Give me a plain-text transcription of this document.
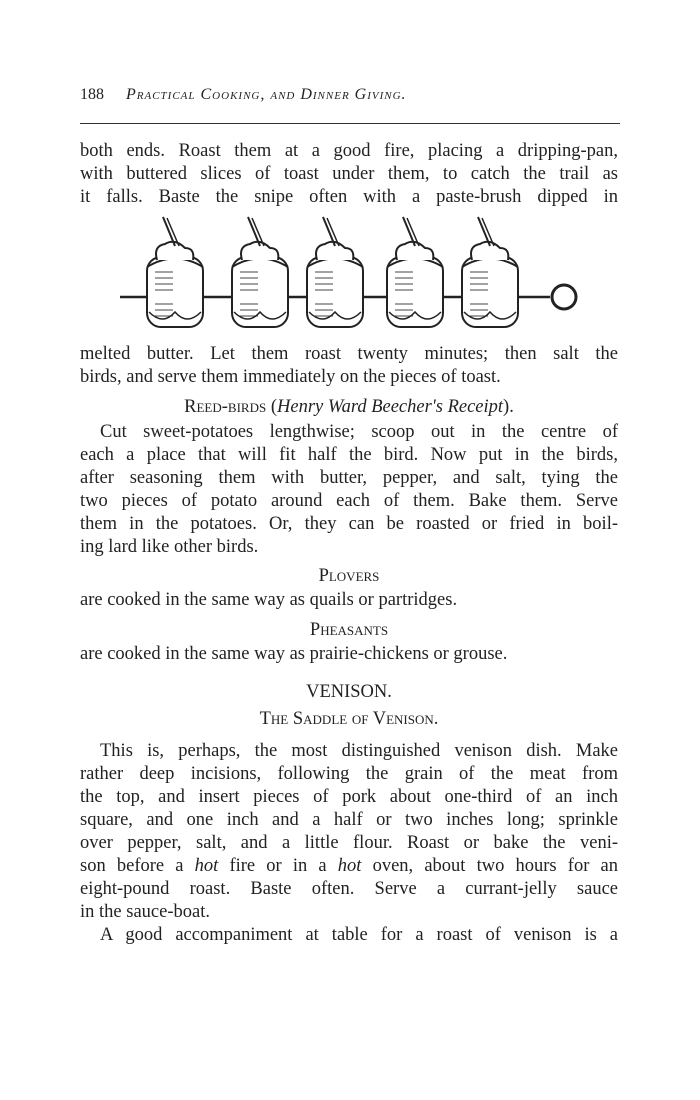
188 Practical Cooking, and Dinner Giving.
both ends. Roast them at a good fire, placing a dripping-pan,
with buttered slices of toast under them, to catch the trail as
it falls. Baste the snipe often with a paste-brush dipped in
melted butter. Let them roast twenty minutes; then salt the
birds, and serve them immediately on the pieces of toast.
Reed-birds (Henry Ward Beecher's Receipt).
Cut sweet-potatoes lengthwise; scoop out in the centre of
each a place that will fit half the bird. Now put in the birds,
after seasoning them with butter, pepper, and salt, tying the
two pieces of potato around each of them. Bake them. Serve
them in the potatoes. Or, they can be roasted or fried in boil-
ing lard like other birds.
Plovers
are cooked in the same way as quails or partridges.
Pheasants
are cooked in the same way as prairie-chickens or grouse.
VENISON.
The Saddle of Venison.
This is, perhaps, the most distinguished venison dish. Make
rather deep incisions, following the grain of the meat from
the top, and insert pieces of pork about one-third of an inch
square, and one inch and a half or two inches long; sprinkle
over pepper, salt, and a little flour. Roast or bake the veni-
son before a hot fire or in a hot oven, about two hours for an
eight-pound roast. Baste often. Serve a currant-jelly sauce
in the sauce-boat.
A good accompaniment at table for a roast of venison is a
